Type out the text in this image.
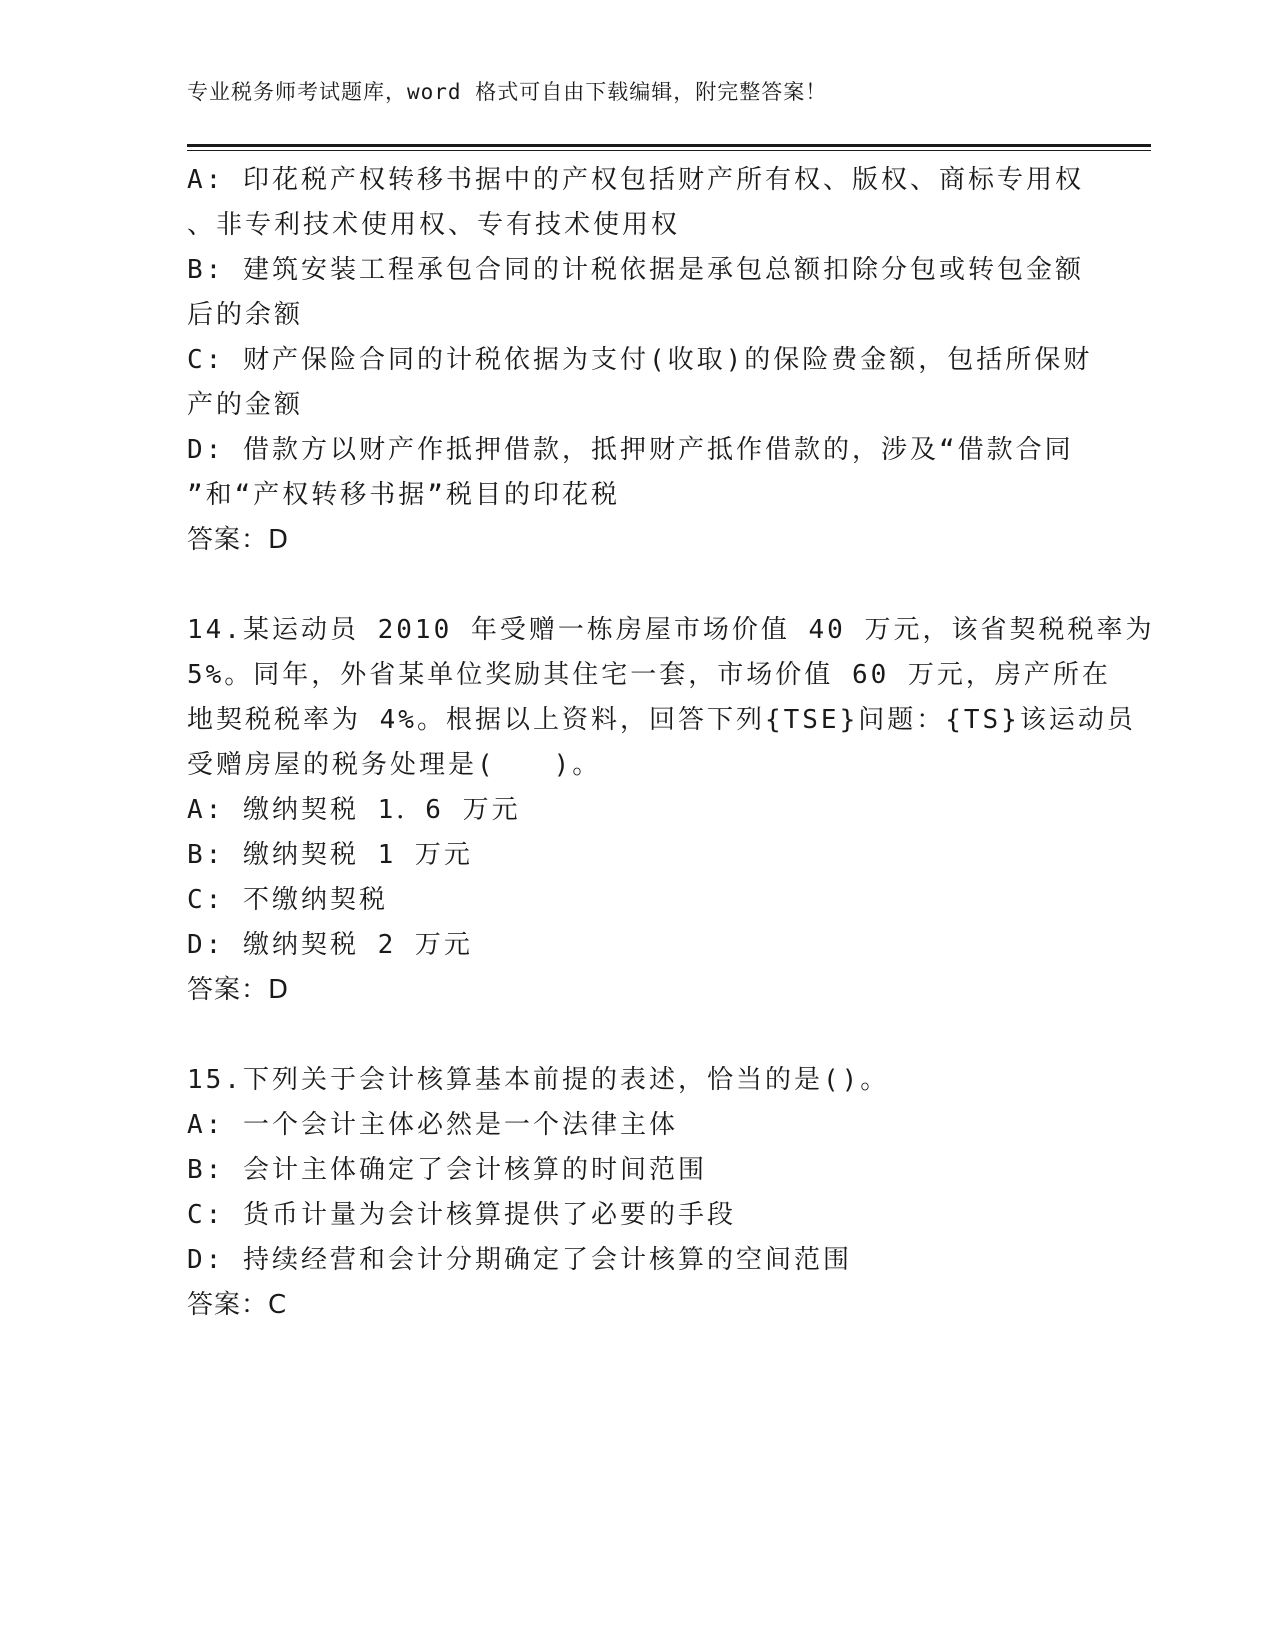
专业税务师考试题库，word 格式可自由下载编辑，附完整答案！
A: 印花税产权转移书据中的产权包括财产所有权、版权、商标专用权
、非专利技术使用权、专有技术使用权
B: 建筑安装工程承包合同的计税依据是承包总额扣除分包或转包金额
后的余额
C: 财产保险合同的计税依据为支付(收取)的保险费金额，包括所保财
产的金额
D: 借款方以财产作抵押借款，抵押财产抵作借款的，涉及“借款合同
”和“产权转移书据”税目的印花税
答案：D
14.某运动员 2010 年受赠一栋房屋市场价值 40 万元，该省契税税率为
5%。同年，外省某单位奖励其住宅一套，市场价值 60 万元，房产所在
地契税税率为 4%。根据以上资料，回答下列{TSE}问题：{TS}该运动员
受赠房屋的税务处理是(　　)。
A: 缴纳契税 1．6 万元
B: 缴纳契税 1 万元
C: 不缴纳契税
D: 缴纳契税 2 万元
答案：D
15.下列关于会计核算基本前提的表述，恰当的是()。
A: 一个会计主体必然是一个法律主体
B: 会计主体确定了会计核算的时间范围
C: 货币计量为会计核算提供了必要的手段
D: 持续经营和会计分期确定了会计核算的空间范围
答案：C
